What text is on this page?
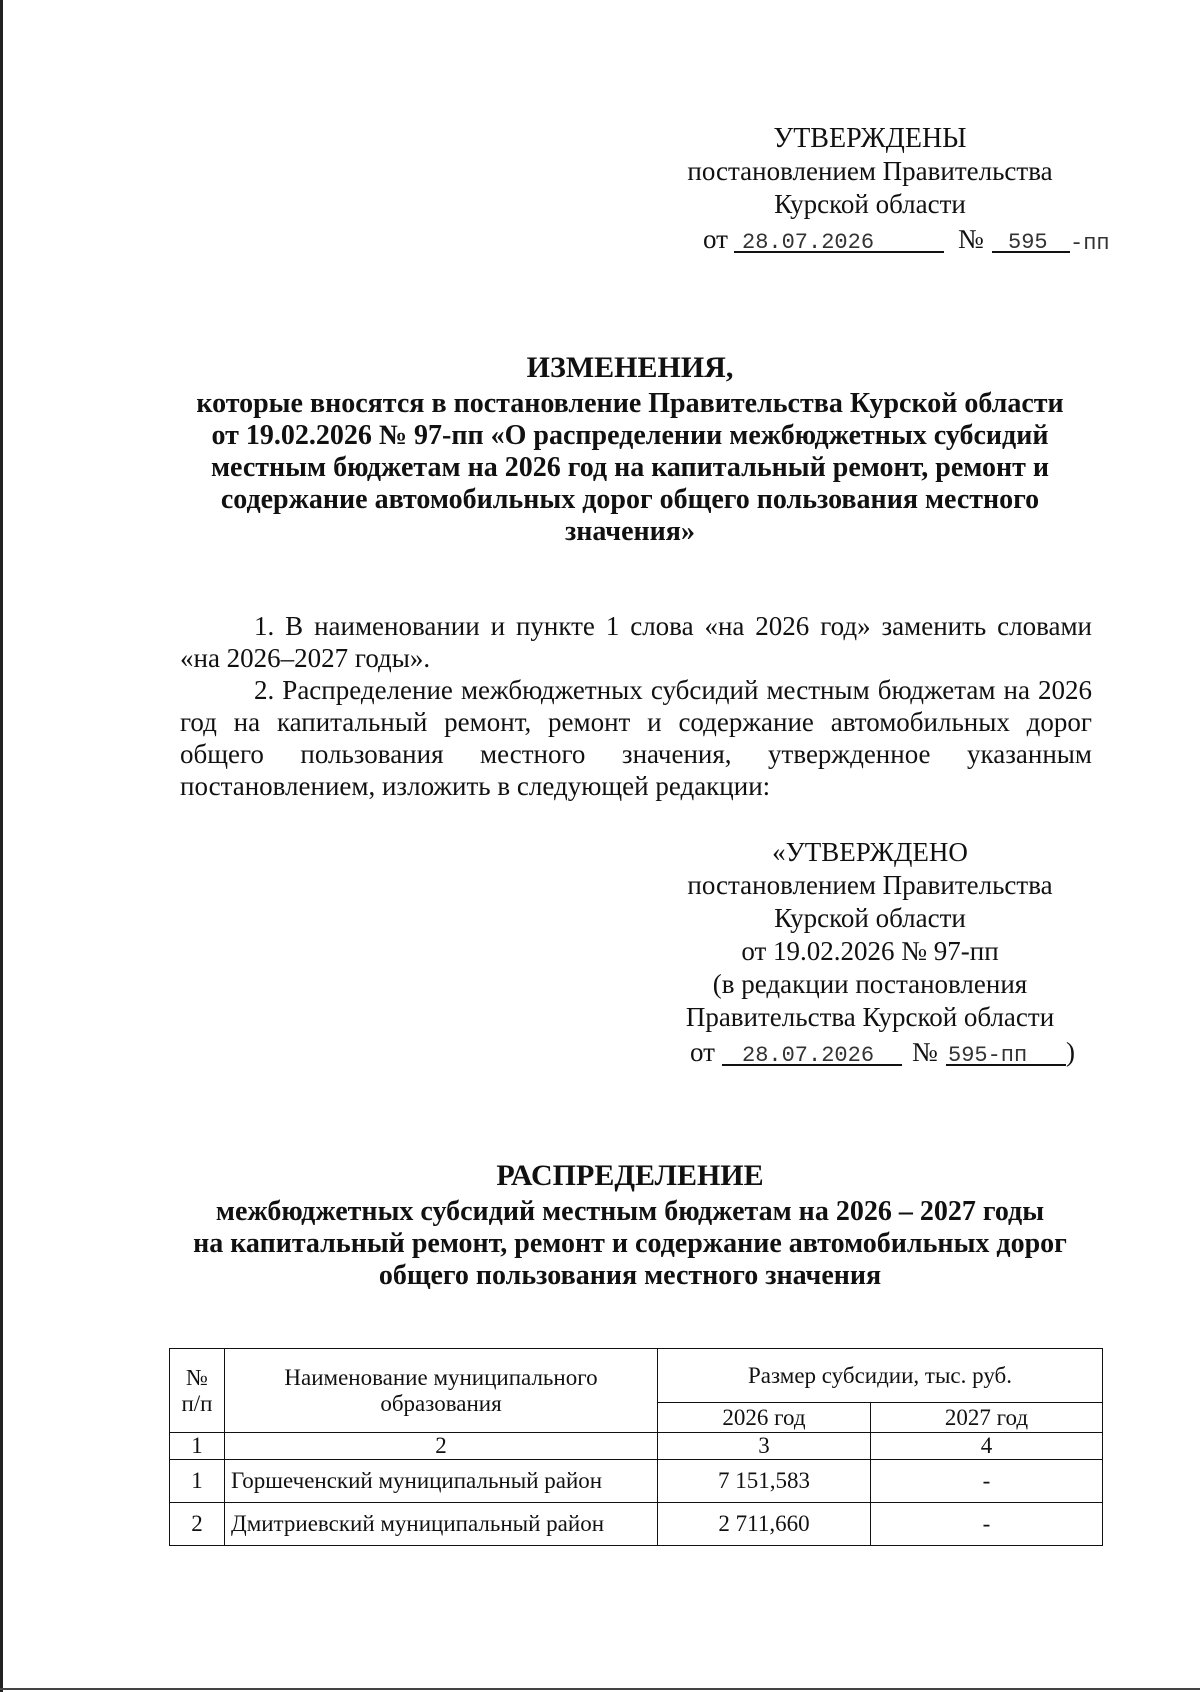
УТВЕРЖДЕНЫ
постановлением Правительства
Курской области
от 28.07.2026	№ 595 -пп
ИЗМЕНЕНИЯ,
которые вносятся в постановление Правительства Курской области
от 19.02.2026 № 97-пп «О распределении межбюджетных субсидий
местным бюджетам на 2026 год на капитальный ремонт, ремонт и
содержание автомобильных дорог общего пользования местного
значения»

1. В наименовании и пункте 1 слова «на 2026 год» заменить словами «на 2026–2027 годы».

2. Распределение межбюджетных субсидий местным бюджетам на 2026 год на капитальный ремонт, ремонт и содержание автомобильных дорог общего пользования местного значения, утвержденное указанным постановлением, изложить в следующей редакции:

«УТВЕРЖДЕНО
постановлением Правительства
Курской области
от 19.02.2026 № 97-пп
(в редакции постановления
Правительства Курской области
от 28.07.2026 № 595-пп )
РАСПРЕДЕЛЕНИЕ
межбюджетных субсидий местным бюджетам на 2026 – 2027 годы
на капитальный ремонт, ремонт и содержание автомобильных дорог
общего пользования местного значения
№ п/п	Наименование муниципального образования	Размер субсидии, тыс. руб.	
		2026 год	2027 год
1	2	3	4
1	Горшеченский муниципальный район	7 151,583	-
2	Дмитриевский муниципальный район	2 711,660	-
